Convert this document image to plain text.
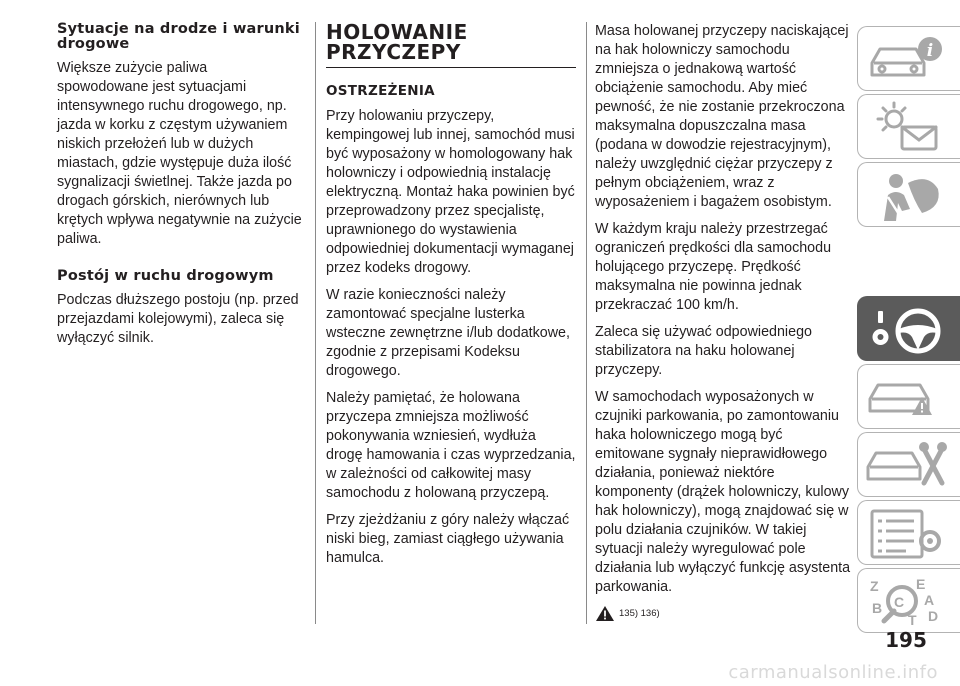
Sytuacje na drodze i warunki drogowe

Większe zużycie paliwa spowodowane jest sytuacjami intensywnego ruchu drogowego, np. jazda w korku z częstym używaniem niskich przełożeń lub w dużych miastach, gdzie występuje duża ilość sygnalizacji świetlnej. Także jazda po drogach górskich, nierównych lub krętych wpływa negatywnie na zużycie paliwa.

Postój w ruchu drogowym

Podczas dłuższego postoju (np. przed przejazdami kolejowymi), zaleca się wyłączyć silnik.

HOLOWANIE PRZYCZEPY
OSTRZEŻENIA

Przy holowaniu przyczepy, kempingowej lub innej, samochód musi być wyposażony w homologowany hak holowniczy i odpowiednią instalację elektryczną. Montaż haka powinien być przeprowadzony przez specjalistę, uprawnionego do wystawienia odpowiedniej dokumentacji wymaganej przez kodeks drogowy.

W razie konieczności należy zamontować specjalne lusterka wsteczne zewnętrzne i/lub dodatkowe, zgodnie z przepisami Kodeksu drogowego.

Należy pamiętać, że holowana przyczepa zmniejsza możliwość pokonywania wzniesień, wydłuża drogę hamowania i czas wyprzedzania, w zależności od całkowitej masy samochodu z holowaną przyczepą.

Przy zjeżdżaniu z góry należy włączać niski bieg, zamiast ciągłego używania hamulca.

Masa holowanej przyczepy naciskającej na hak holowniczy samochodu zmniejsza o jednakową wartość obciążenie samochodu. Aby mieć pewność, że nie zostanie przekroczona maksymalna dopuszczalna masa (podana w dowodzie rejestracyjnym), należy uwzględnić ciężar przyczepy z pełnym obciążeniem, wraz z wyposażeniem i bagażem osobistym.

W każdym kraju należy przestrzegać ograniczeń prędkości dla samochodu holującego przyczepę. Prędkość maksymalna nie powinna jednak przekraczać 100 km/h.

Zaleca się używać odpowiedniego stabilizatora na haku holowanej przyczepy.

W samochodach wyposażonych w czujniki parkowania, po zamontowaniu haka holowniczego mogą być emitowane sygnały nieprawidłowego działania, ponieważ niektóre komponenty (drążek holowniczy, kulowy hak holowniczy), mogą znajdować się w polu działania czujników. W takiej sytuacji należy wyregulować pole działania lub wyłączyć funkcję asystenta parkowania.

135) 136)
i
Z	E
A
B C
T D
195
carmanualsonline.info
